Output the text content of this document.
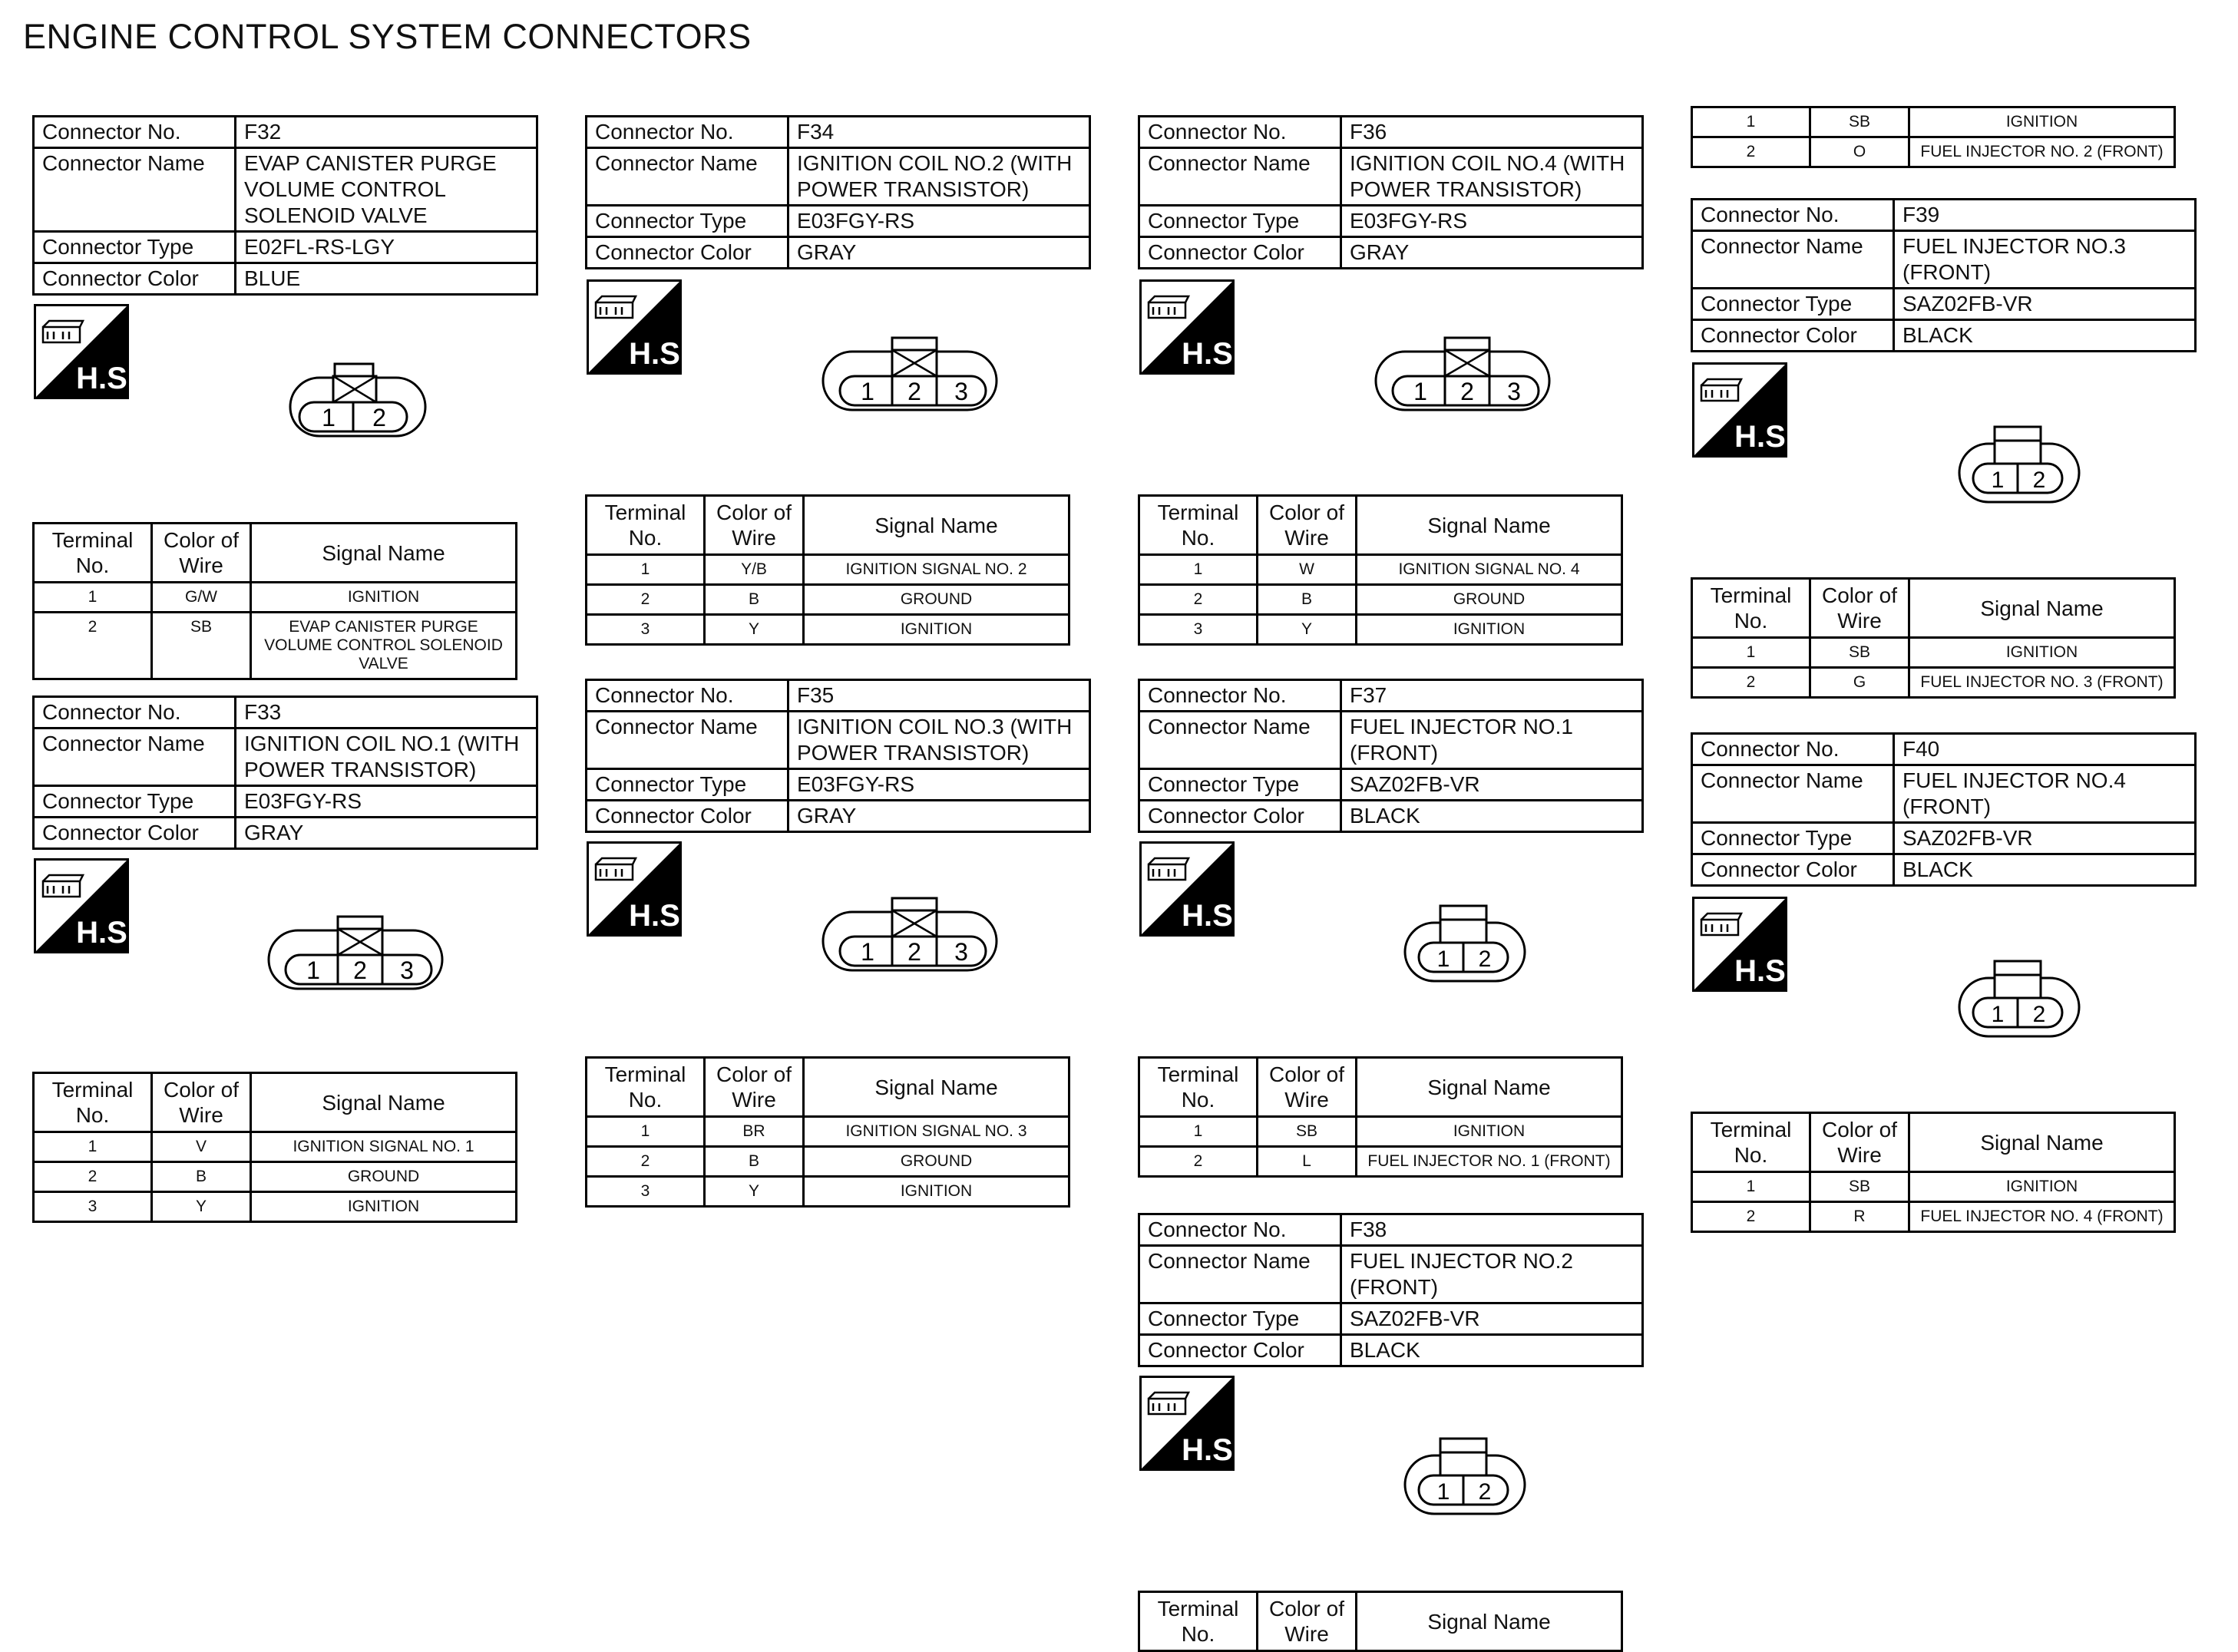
ENGINE CONTROL SYSTEM CONNECTORS
Connector No.	F32
Connector Name	EVAP CANISTER PURGE VOLUME CONTROL SOLENOID VALVE
Connector Type	E02FL-RS-LGY
Connector Color	BLUE
H.S.
1 2
Terminal No.	Color of Wire	Signal Name
1	G/W	IGNITION
2	SB	EVAP CANISTER PURGE VOLUME CONTROL SOLENOID VALVE
Connector No.	F33
Connector Name	IGNITION COIL NO.1 (WITH POWER TRANSISTOR)
Connector Type	E03FGY-RS
Connector Color	GRAY
H.S.
1 2 3
Terminal No.	Color of Wire	Signal Name
1	V	IGNITION SIGNAL NO. 1
2	B	GROUND
3	Y	IGNITION
Connector No.	F34
Connector Name	IGNITION COIL NO.2 (WITH POWER TRANSISTOR)
Connector Type	E03FGY-RS
Connector Color	GRAY
H.S.
1 2 3
Terminal No.	Color of Wire	Signal Name
1	Y/B	IGNITION SIGNAL NO. 2
2	B	GROUND
3	Y	IGNITION
Connector No.	F35
Connector Name	IGNITION COIL NO.3 (WITH POWER TRANSISTOR)
Connector Type	E03FGY-RS
Connector Color	GRAY
H.S.
1 2 3
Terminal No.	Color of Wire	Signal Name
1	BR	IGNITION SIGNAL NO. 3
2	B	GROUND
3	Y	IGNITION
Connector No.	F36
Connector Name	IGNITION COIL NO.4 (WITH POWER TRANSISTOR)
Connector Type	E03FGY-RS
Connector Color	GRAY
H.S.
1 2 3
Terminal No.	Color of Wire	Signal Name
1	W	IGNITION SIGNAL NO. 4
2	B	GROUND
3	Y	IGNITION
Connector No.	F37
Connector Name	FUEL INJECTOR NO.1 (FRONT)
Connector Type	SAZ02FB-VR
Connector Color	BLACK
H.S.
1 2
Terminal No.	Color of Wire	Signal Name
1	SB	IGNITION
2	L	FUEL INJECTOR NO. 1 (FRONT)
Connector No.	F38
Connector Name	FUEL INJECTOR NO.2 (FRONT)
Connector Type	SAZ02FB-VR
Connector Color	BLACK
H.S.
1 2
Terminal No.	Color of Wire	Signal Name
1	SB	IGNITION
2	O	FUEL INJECTOR NO. 2 (FRONT)
Connector No.	F39
Connector Name	FUEL INJECTOR NO.3 (FRONT)
Connector Type	SAZ02FB-VR
Connector Color	BLACK
H.S.
1 2
Terminal No.	Color of Wire	Signal Name
1	SB	IGNITION
2	G	FUEL INJECTOR NO. 3 (FRONT)
Connector No.	F40
Connector Name	FUEL INJECTOR NO.4 (FRONT)
Connector Type	SAZ02FB-VR
Connector Color	BLACK
H.S.
1 2
Terminal No.	Color of Wire	Signal Name
1	SB	IGNITION
2	R	FUEL INJECTOR NO. 4 (FRONT)
